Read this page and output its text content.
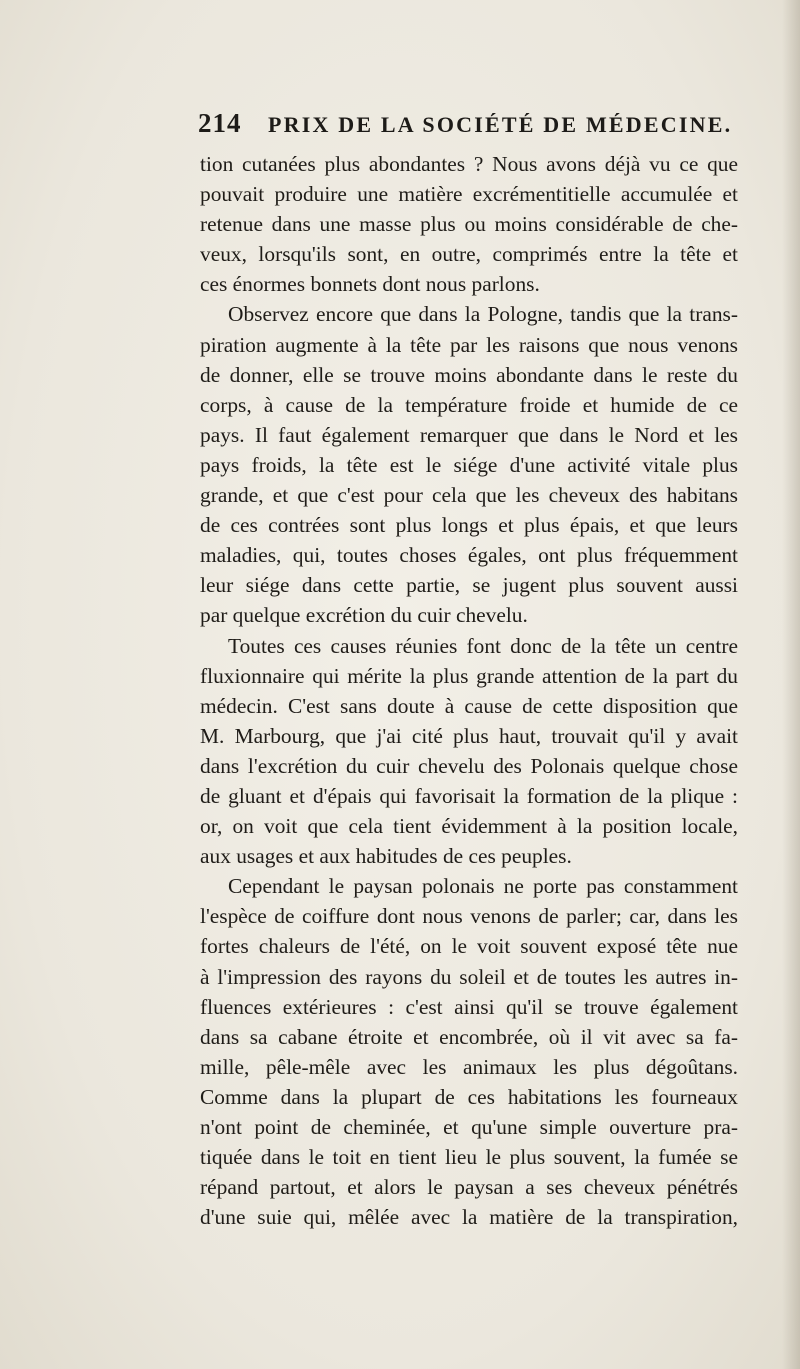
214 PRIX DE LA SOCIÉTÉ DE MÉDECINE.
tion cutanées plus abondantes ? Nous avons déjà vu ce que
pouvait produire une matière excrémentitielle accumulée et
retenue dans une masse plus ou moins considérable de che-
veux, lorsqu'ils sont, en outre, comprimés entre la tête et
ces énormes bonnets dont nous parlons.
Observez encore que dans la Pologne, tandis que la trans-
piration augmente à la tête par les raisons que nous venons
de donner, elle se trouve moins abondante dans le reste du
corps, à cause de la température froide et humide de ce
pays. Il faut également remarquer que dans le Nord et les
pays froids, la tête est le siége d'une activité vitale plus
grande, et que c'est pour cela que les cheveux des habitans
de ces contrées sont plus longs et plus épais, et que leurs
maladies, qui, toutes choses égales, ont plus fréquemment
leur siége dans cette partie, se jugent plus souvent aussi
par quelque excrétion du cuir chevelu.
Toutes ces causes réunies font donc de la tête un centre
fluxionnaire qui mérite la plus grande attention de la part du
médecin. C'est sans doute à cause de cette disposition que
M. Marbourg, que j'ai cité plus haut, trouvait qu'il y avait
dans l'excrétion du cuir chevelu des Polonais quelque chose
de gluant et d'épais qui favorisait la formation de la plique :
or, on voit que cela tient évidemment à la position locale,
aux usages et aux habitudes de ces peuples.
Cependant le paysan polonais ne porte pas constamment
l'espèce de coiffure dont nous venons de parler; car, dans les
fortes chaleurs de l'été, on le voit souvent exposé tête nue
à l'impression des rayons du soleil et de toutes les autres in-
fluences extérieures : c'est ainsi qu'il se trouve également
dans sa cabane étroite et encombrée, où il vit avec sa fa-
mille, pêle-mêle avec les animaux les plus dégoûtans.
Comme dans la plupart de ces habitations les fourneaux
n'ont point de cheminée, et qu'une simple ouverture pra-
tiquée dans le toit en tient lieu le plus souvent, la fumée se
répand partout, et alors le paysan a ses cheveux pénétrés
d'une suie qui, mêlée avec la matière de la transpiration,
